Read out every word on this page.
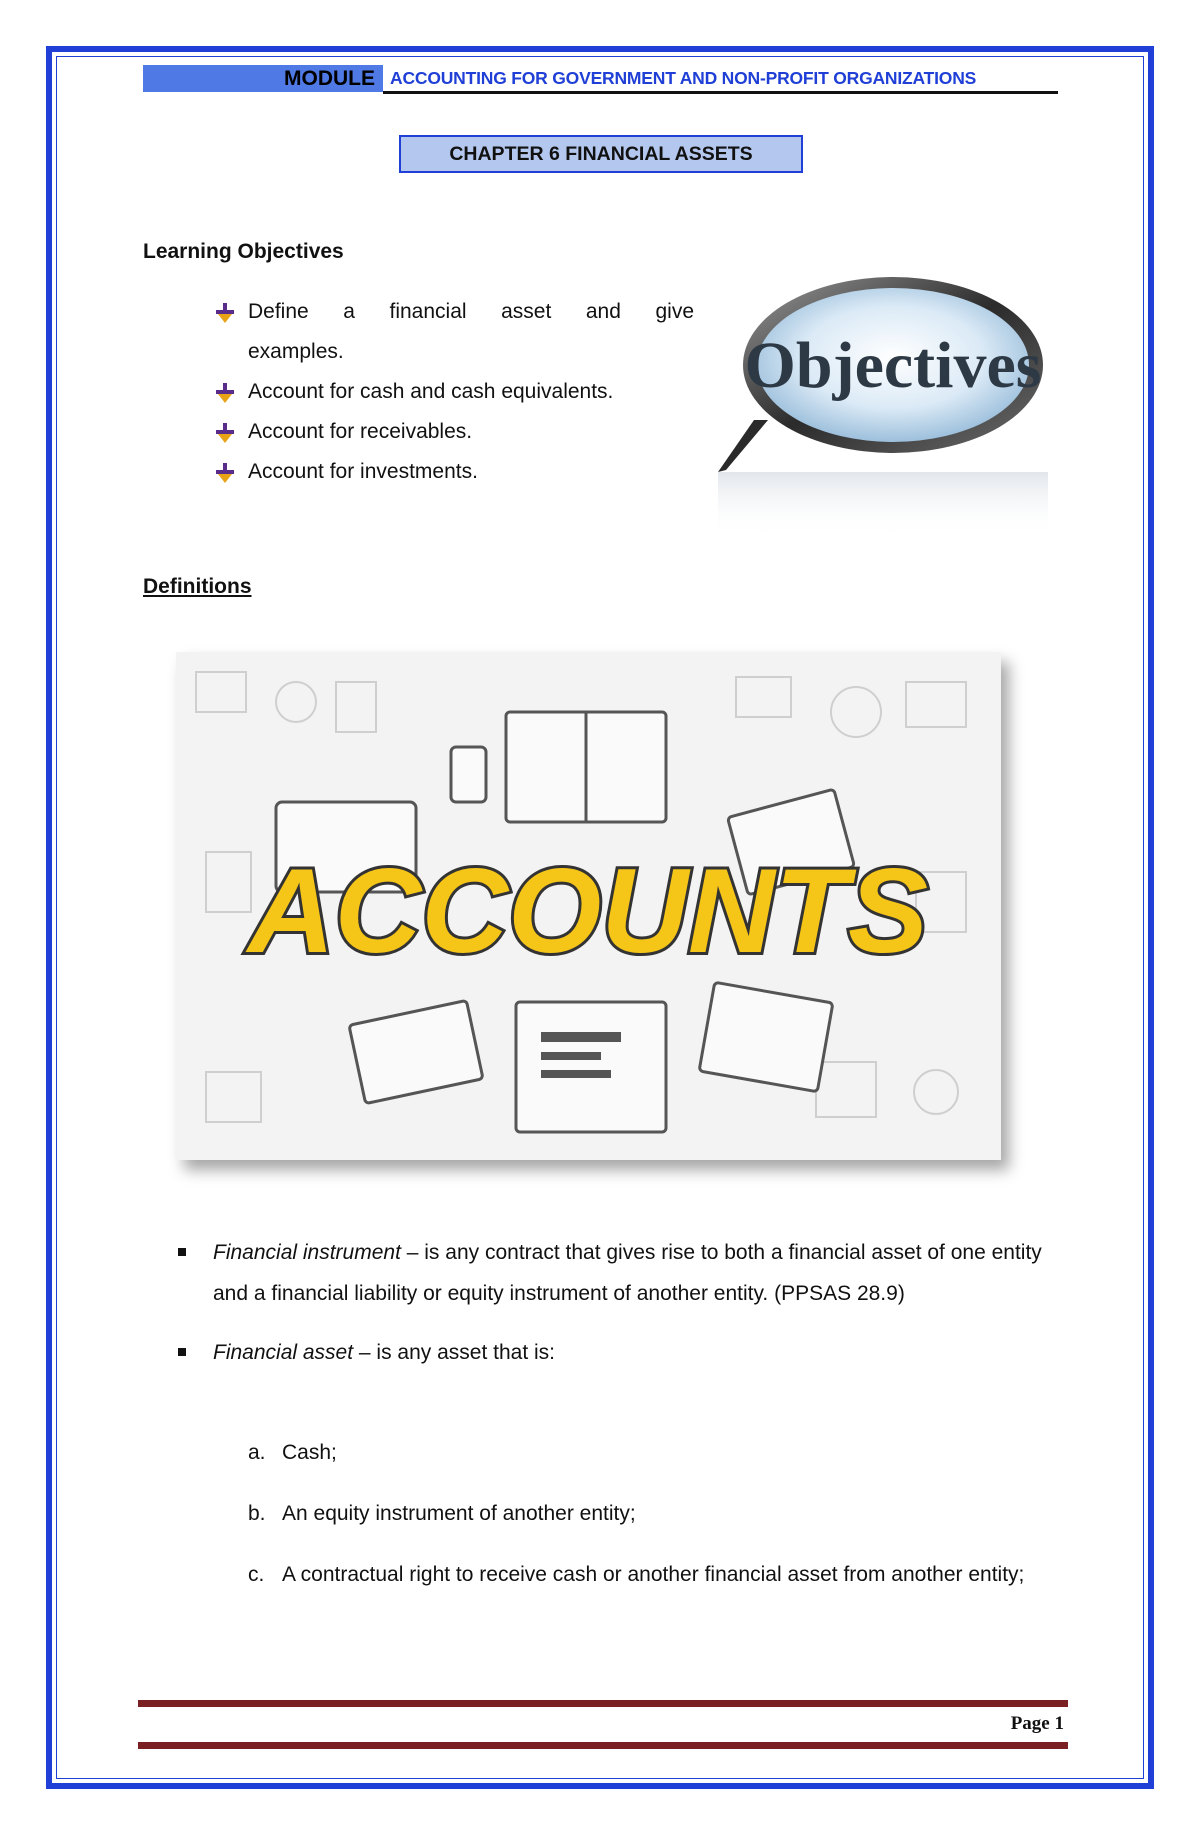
MODULE ACCOUNTING FOR GOVERNMENT AND NON-PROFIT ORGANIZATIONS
CHAPTER 6 FINANCIAL ASSETS
Learning Objectives
Define a financial asset and give
examples.
Account for cash and cash equivalents.
Account for receivables.
Account for investments.
Objectives
Definitions
ACCOUNTS
Financial instrument – is any contract that gives rise to both a financial asset of one entity and a financial liability or equity instrument of another entity. (PPSAS 28.9)
Financial asset – is any asset that is:
a. Cash;
b. An equity instrument of another entity;
c. A contractual right to receive cash or another financial asset from another entity;
Page 1
